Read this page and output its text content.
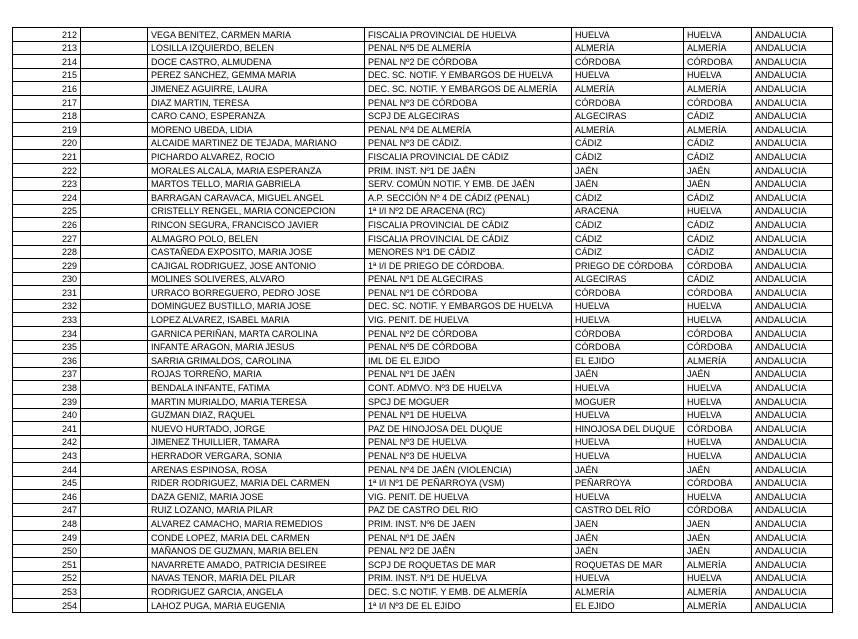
212		VEGA BENITEZ, CARMEN MARIA	FISCALIA PROVINCIAL DE HUELVA	HUELVA	HUELVA	ANDALUCIA
213		LOSILLA IZQUIERDO, BELEN	PENAL Nº5 DE ALMERÍA	ALMERÍA	ALMERÍA	ANDALUCIA
214		DOCE CASTRO, ALMUDENA	PENAL Nº2 DE CÓRDOBA	CÓRDOBA	CÓRDOBA	ANDALUCIA
215		PEREZ SANCHEZ, GEMMA MARIA	DEC. SC. NOTIF. Y EMBARGOS DE HUELVA	HUELVA	HUELVA	ANDALUCIA
216		JIMENEZ AGUIRRE, LAURA	DEC. SC. NOTIF. Y EMBARGOS DE ALMERÍA	ALMERÍA	ALMERÍA	ANDALUCIA
217		DIAZ MARTIN, TERESA	PENAL Nº3 DE CÓRDOBA	CÓRDOBA	CÓRDOBA	ANDALUCIA
218		CARO CANO, ESPERANZA	SCPJ DE ALGECIRAS	ALGECIRAS	CÁDIZ	ANDALUCIA
219		MORENO UBEDA, LIDIA	PENAL Nº4 DE ALMERÍA	ALMERÍA	ALMERÍA	ANDALUCIA
220		ALCAIDE MARTINEZ DE TEJADA, MARIANO	PENAL Nº3 DE CÁDIZ.	CÁDIZ	CÁDIZ	ANDALUCIA
221		PICHARDO ALVAREZ, ROCIO	FISCALIA PROVINCIAL DE CÁDIZ	CÁDIZ	CÁDIZ	ANDALUCIA
222		MORALES ALCALA, MARIA ESPERANZA	PRIM. INST. Nº1 DE JAÉN	JAÉN	JAÉN	ANDALUCIA
223		MARTOS TELLO, MARIA GABRIELA	SERV. COMÚN NOTIF. Y EMB. DE JAÉN	JAÉN	JAÉN	ANDALUCIA
224		BARRAGAN CARAVACA, MIGUEL ANGEL	A.P. SECCIÓN Nº 4 DE CÁDIZ (PENAL)	CÁDIZ	CÁDIZ	ANDALUCIA
225		CRISTELLY RENGEL, MARIA CONCEPCION	1ª I/I Nº2 DE ARACENA (RC)	ARACENA	HUELVA	ANDALUCIA
226		RINCON SEGURA, FRANCISCO JAVIER	FISCALIA PROVINCIAL DE CÁDIZ	CÁDIZ	CÁDIZ	ANDALUCIA
227		ALMAGRO POLO, BELEN	FISCALIA PROVINCIAL DE CÁDIZ	CÁDIZ	CÁDIZ	ANDALUCIA
228		CASTAÑEDA EXPOSITO, MARIA JOSE	MENORES Nº1 DE CÁDIZ	CÁDIZ	CÁDIZ	ANDALUCIA
229		CAJIGAL RODRIGUEZ, JOSE ANTONIO	1ª I/I DE PRIEGO DE CÓRDOBA.	PRIEGO DE CÓRDOBA	CÓRDOBA	ANDALUCIA
230		MOLINES SOLIVERES, ALVARO	PENAL Nº1 DE ALGECIRAS	ALGECIRAS	CÁDIZ	ANDALUCIA
231		URRACO BORREGUERO, PEDRO JOSE	PENAL Nº1 DE CÓRDOBA	CÓRDOBA	CÓRDOBA	ANDALUCIA
232		DOMINGUEZ BUSTILLO, MARIA JOSE	DEC. SC. NOTIF. Y EMBARGOS DE HUELVA	HUELVA	HUELVA	ANDALUCIA
233		LOPEZ ALVAREZ, ISABEL MARIA	VIG. PENIT. DE HUELVA	HUELVA	HUELVA	ANDALUCIA
234		GARNICA PERIÑAN, MARTA CAROLINA	PENAL Nº2 DE CÓRDOBA	CÓRDOBA	CÓRDOBA	ANDALUCIA
235		INFANTE ARAGON, MARIA JESUS	PENAL Nº5 DE CÓRDOBA	CÓRDOBA	CÓRDOBA	ANDALUCIA
236		SARRIA GRIMALDOS, CAROLINA	IML DE EL EJIDO	EL EJIDO	ALMERÍA	ANDALUCIA
237		ROJAS TORREÑO, MARIA	PENAL Nº1 DE JAÉN	JAÉN	JAÉN	ANDALUCIA
238		BENDALA INFANTE, FATIMA	CONT. ADMVO. Nº3 DE HUELVA	HUELVA	HUELVA	ANDALUCIA
239		MARTIN MURIALDO, MARIA TERESA	SPCJ DE MOGUER	MOGUER	HUELVA	ANDALUCIA
240		GUZMAN DIAZ, RAQUEL	PENAL Nº1 DE HUELVA	HUELVA	HUELVA	ANDALUCIA
241		NUEVO HURTADO, JORGE	PAZ DE HINOJOSA DEL DUQUE	HINOJOSA DEL DUQUE	CÓRDOBA	ANDALUCIA
242		JIMENEZ THUILLIER, TAMARA	PENAL Nº3 DE HUELVA	HUELVA	HUELVA	ANDALUCIA
243		HERRADOR VERGARA, SONIA	PENAL Nº3 DE HUELVA	HUELVA	HUELVA	ANDALUCIA
244		ARENAS ESPINOSA, ROSA	PENAL Nº4 DE JAÉN (VIOLENCIA)	JAÉN	JAÉN	ANDALUCIA
245		RIDER RODRIGUEZ, MARIA DEL CARMEN	1ª I/I Nº1 DE PEÑARROYA (VSM)	PEÑARROYA	CÓRDOBA	ANDALUCIA
246		DAZA GENIZ, MARIA JOSE	VIG. PENIT. DE HUELVA	HUELVA	HUELVA	ANDALUCIA
247		RUIZ LOZANO, MARIA PILAR	PAZ DE CASTRO DEL RIO	CASTRO DEL RÍO	CÓRDOBA	ANDALUCIA
248		ALVAREZ CAMACHO, MARIA REMEDIOS	PRIM. INST. Nº6 DE JAEN	JAEN	JAEN	ANDALUCIA
249		CONDE LOPEZ, MARIA DEL CARMEN	PENAL Nº1 DE JAÉN	JAÉN	JAÉN	ANDALUCIA
250		MAÑANOS DE GUZMAN, MARIA BELEN	PENAL Nº2 DE JAÉN	JAÉN	JAÉN	ANDALUCIA
251		NAVARRETE AMADO, PATRICIA DESIREE	SCPJ DE ROQUETAS DE MAR	ROQUETAS DE MAR	ALMERÍA	ANDALUCIA
252		NAVAS TENOR, MARIA DEL PILAR	PRIM. INST. Nº1 DE HUELVA	HUELVA	HUELVA	ANDALUCIA
253		RODRIGUEZ GARCIA, ANGELA	DEC. S.C NOTIF. Y EMB. DE ALMERÍA	ALMERÍA	ALMERÍA	ANDALUCIA
254		LAHOZ PUGA, MARIA EUGENIA	1ª I/I Nº3 DE EL EJIDO	EL EJIDO	ALMERÍA	ANDALUCIA
